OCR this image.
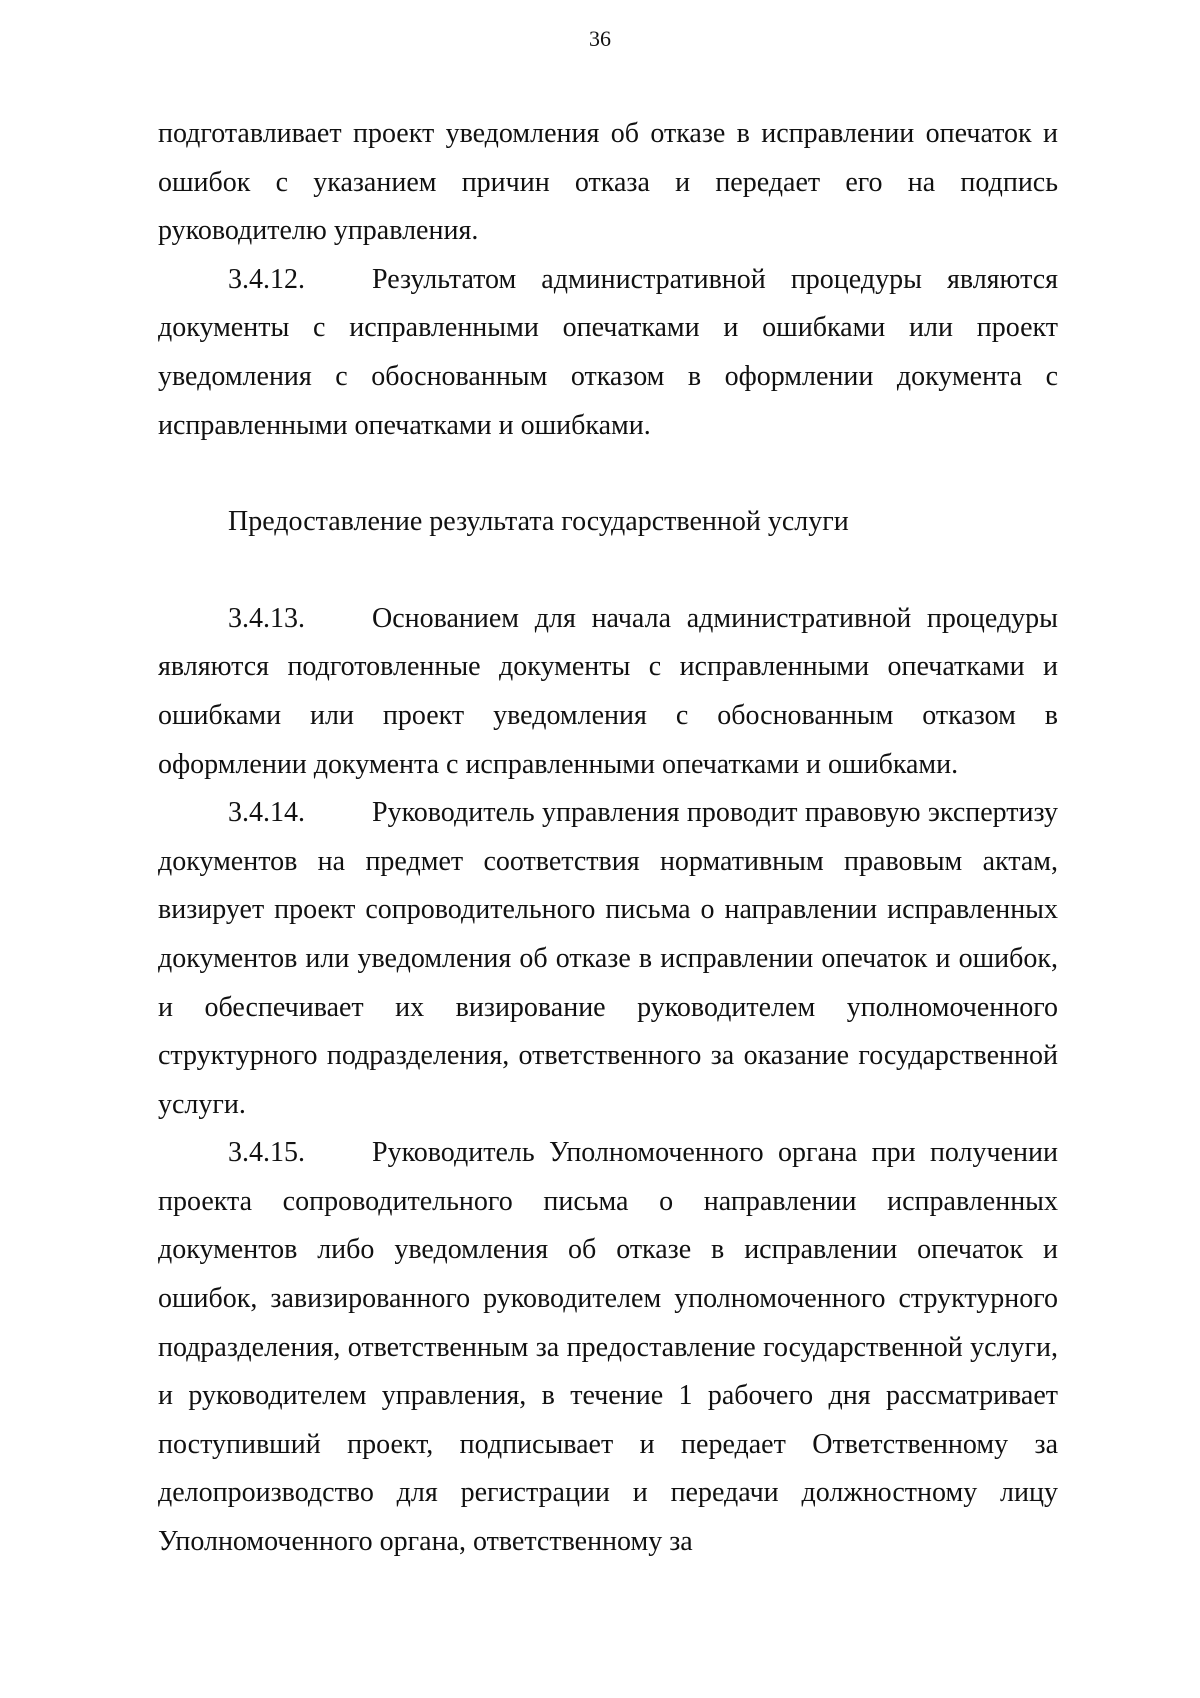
36

подготавливает проект уведомления об отказе в исправлении опечаток и ошибок с указанием причин отказа и передает его на подпись руководителю управления.

3.4.12. Результатом административной процедуры являются документы с исправленными опечатками и ошибками или проект уведомления с обоснованным отказом в оформлении документа с исправленными опечатками и ошибками.

Предоставление результата государственной услуги

3.4.13. Основанием для начала административной процедуры являются подготовленные документы с исправленными опечатками и ошибками или проект уведомления с обоснованным отказом в оформлении документа с исправленными опечатками и ошибками.

3.4.14. Руководитель управления проводит правовую экспертизу документов на предмет соответствия нормативным правовым актам, визирует проект сопроводительного письма о направлении исправленных документов или уведомления об отказе в исправлении опечаток и ошибок, и обеспечивает их визирование руководителем уполномоченного структурного подразделения, ответственного за оказание государственной услуги.

3.4.15. Руководитель Уполномоченного органа при получении проекта сопроводительного письма о направлении исправленных документов либо уведомления об отказе в исправлении опечаток и ошибок, завизированного руководителем уполномоченного структурного подразделения, ответственным за предоставление государственной услуги, и руководителем управления, в течение 1 рабочего дня рассматривает поступивший проект, подписывает и передает Ответственному за делопроизводство для регистрации и передачи должностному лицу Уполномоченного органа, ответственному за
